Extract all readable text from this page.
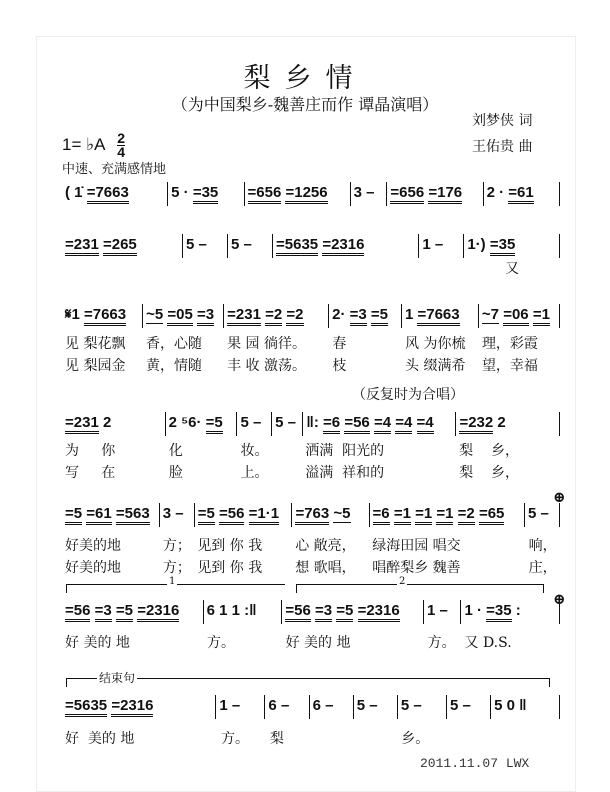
梨乡情
（为中国梨乡-魏善庄而作 谭晶演唱）
刘梦侠 词
王佑贵 曲
1= ♭A $\frac{2}{4}$
中速、充满感情地
（反复时为合唱）
1	2
结束句
⊕
⊕
2011.11.07 LWX
( 1̇ =7663	5 · =35	=656 =1256	3 –	=656 =176	2 · =61
=231 =265	5 –	5 –	=5635 =2316	1 –	1·) =35
又
𝄋1 =7663	~5 =05 =3 =231 =2 =2	2· =3 =5	1 =7663	~7 =06 =1
见 梨花飘	香，心随	果 园 徜徉。	春	风 为你梳	理，彩霞
见 梨园金	黄，情随	丰 收 激荡。	枝	头 缀满希	望，幸福
=231 2	2 ⁵6· =5	5 – 5 – ‖: =6 =56 =4 =4 =4	=232 2
为     你	化	妆。	洒满  阳光的	梨    乡，
写     在	脸	上。	溢满  祥和的	梨    乡，
=5 =61 =563 3 – =5 =56 =1·1	=763 ~5	=6 =1 =1 =1 =2 =65	5 –
好美的地	方； 见到 你 我	心 敞亮，	绿海田园 唱交	响，
好美的地	方； 见到 你 我	想 歌唱，	唱醉梨乡 魏善	庄，
=56 =3 =5 =2316	6 1 1 :‖	=56 =3 =5 =2316	1 –	1 · =35 :
好 美的 地	方。	好 美的 地	方。 又 D.S.
=5635 =2316	1 –	6 –	6 –	5 –	5 –	5 –	5 0 ‖
好  美的 地	方。	梨	乡。
